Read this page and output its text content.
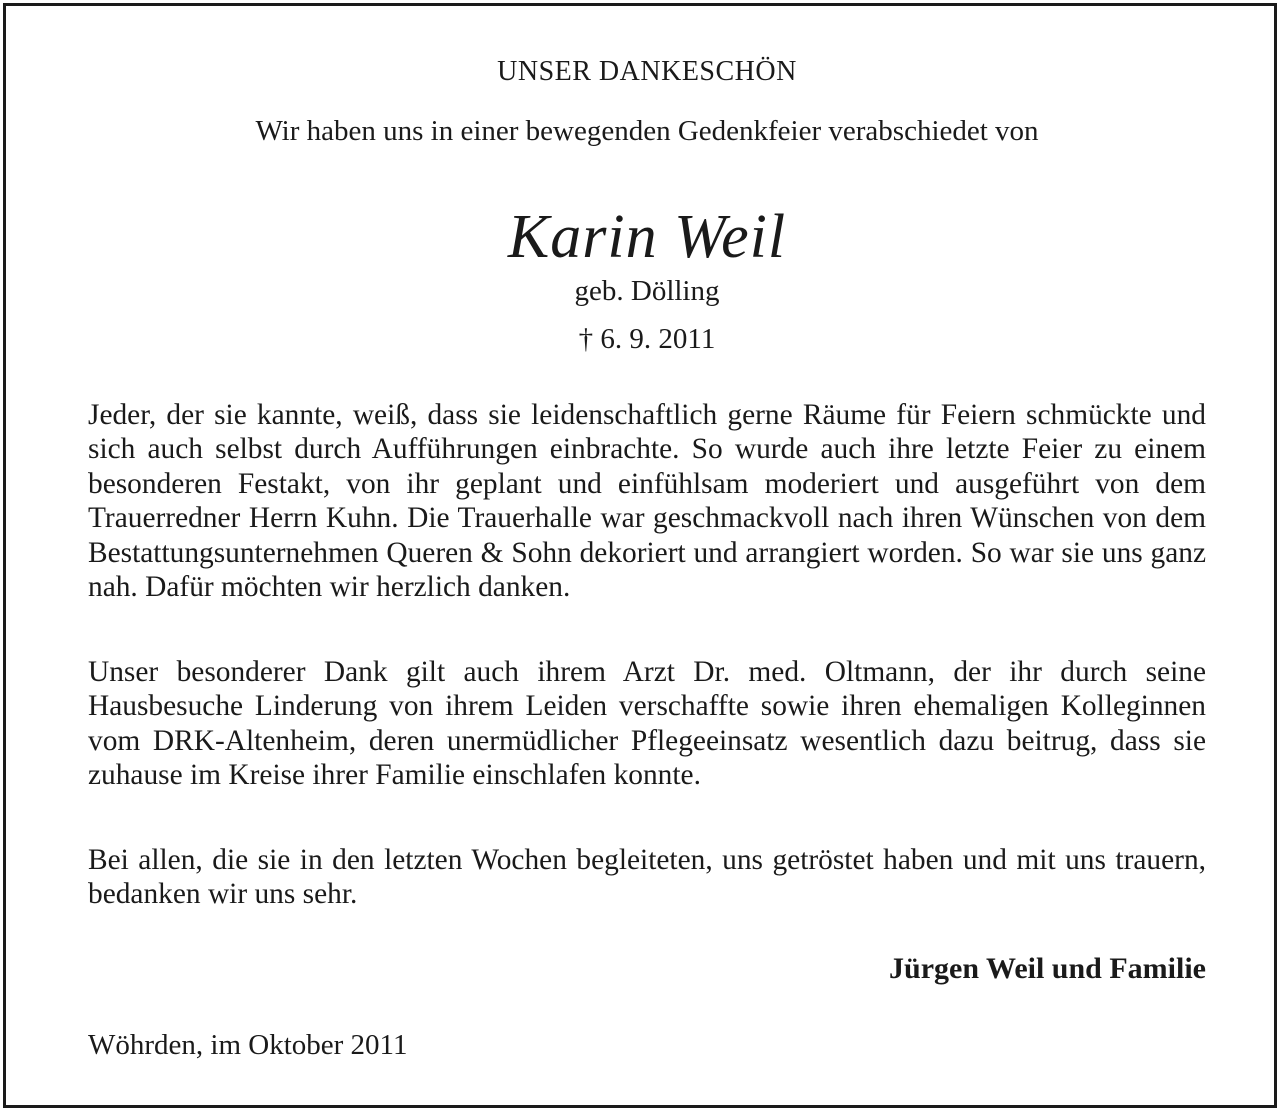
UNSER DANKESCHÖN
Wir haben uns in einer bewegenden Gedenkfeier verabschiedet von
Karin Weil
geb. Dölling
† 6. 9. 2011

Jeder, der sie kannte, weiß, dass sie leidenschaftlich gerne Räume für Feiern schmückte und sich auch selbst durch Aufführungen einbrachte. So wurde auch ihre letzte Feier zu einem besonderen Festakt, von ihr geplant und einfühlsam moderiert und ausgeführt von dem Trauerredner Herrn Kuhn. Die Trauerhalle war geschmackvoll nach ihren Wünschen von dem Bestattungsunternehmen Queren & Sohn dekoriert und arrangiert worden. So war sie uns ganz nah. Dafür möchten wir herzlich danken.

Unser besonderer Dank gilt auch ihrem Arzt Dr. med. Oltmann, der ihr durch seine Hausbesuche Linderung von ihrem Leiden verschaffte sowie ihren ehemaligen Kolleginnen vom DRK-Altenheim, deren unermüdlicher Pflegeeinsatz wesentlich dazu beitrug, dass sie zuhause im Kreise ihrer Familie einschlafen konnte.

Bei allen, die sie in den letzten Wochen begleiteten, uns getröstet haben und mit uns trauern, bedanken wir uns sehr.

Jürgen Weil und Familie
Wöhrden, im Oktober 2011
